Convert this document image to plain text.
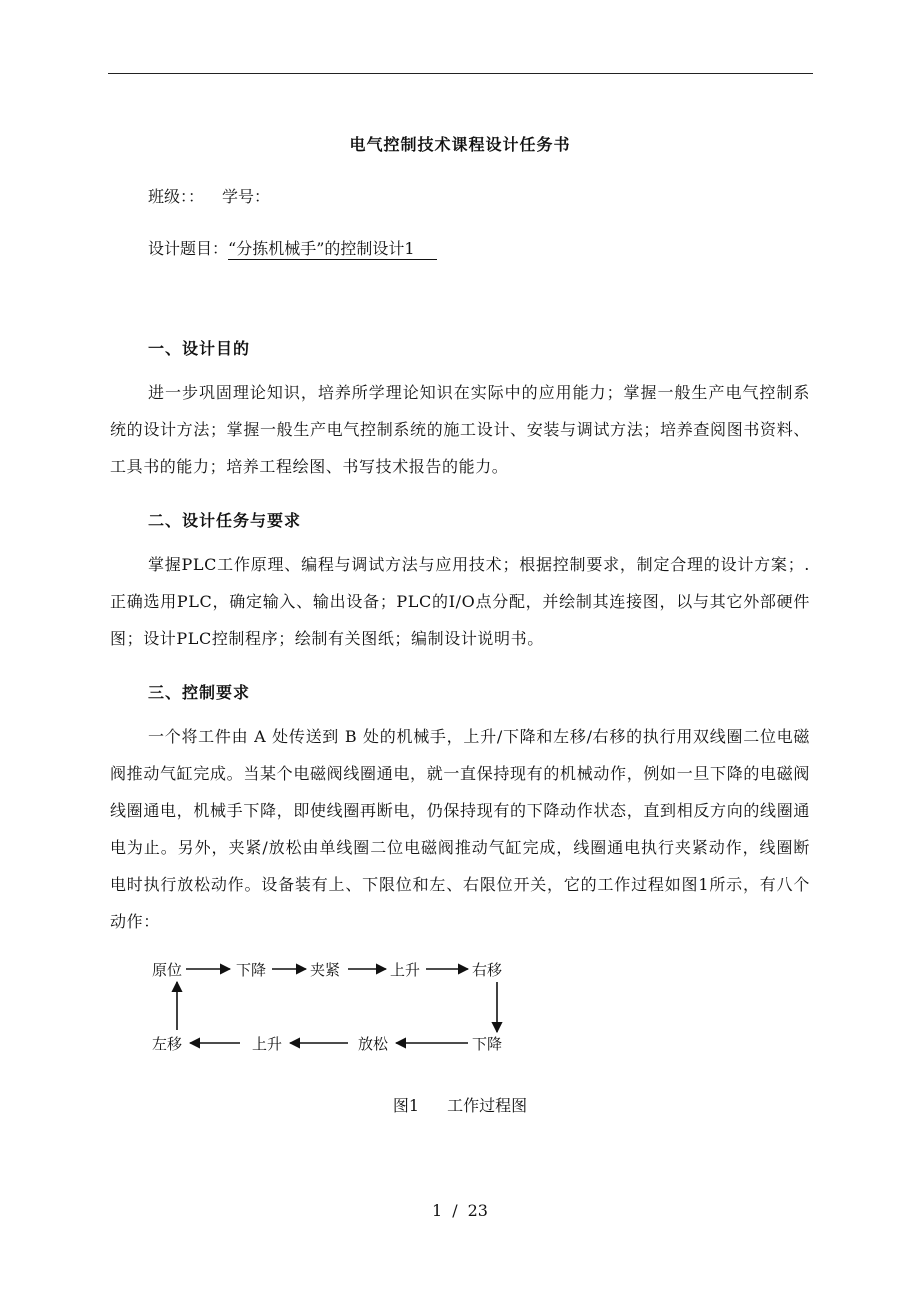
电气控制技术课程设计任务书
班级：： 学号：
设计题目：“分拣机械手”的控制设计1
一、设计目的
进一步巩固理论知识，培养所学理论知识在实际中的应用能力；掌握一般生产电气控制系统的设计方法；掌握一般生产电气控制系统的施工设计、安装与调试方法；培养查阅图书资料、工具书的能力；培养工程绘图、书写技术报告的能力。
二、设计任务与要求
掌握PLC工作原理、编程与调试方法与应用技术；根据控制要求，制定合理的设计方案；.正确选用PLC，确定输入、输出设备；PLC的I/O点分配，并绘制其连接图，以与其它外部硬件图；设计PLC控制程序；绘制有关图纸；编制设计说明书。
三、控制要求
一个将工件由 A 处传送到 B 处的机械手，上升/下降和左移/右移的执行用双线圈二位电磁阀推动气缸完成。当某个电磁阀线圈通电，就一直保持现有的机械动作，例如一旦下降的电磁阀线圈通电，机械手下降，即使线圈再断电，仍保持现有的下降动作状态，直到相反方向的线圈通电为止。另外，夹紧/放松由单线圈二位电磁阀推动气缸完成，线圈通电执行夹紧动作，线圈断电时执行放松动作。设备装有上、下限位和左、右限位开关，它的工作过程如图1所示，有八个动作：
原位	下降	夹紧	上升	右移
左移	上升	放松	下降
图1 工作过程图
1 / 23
